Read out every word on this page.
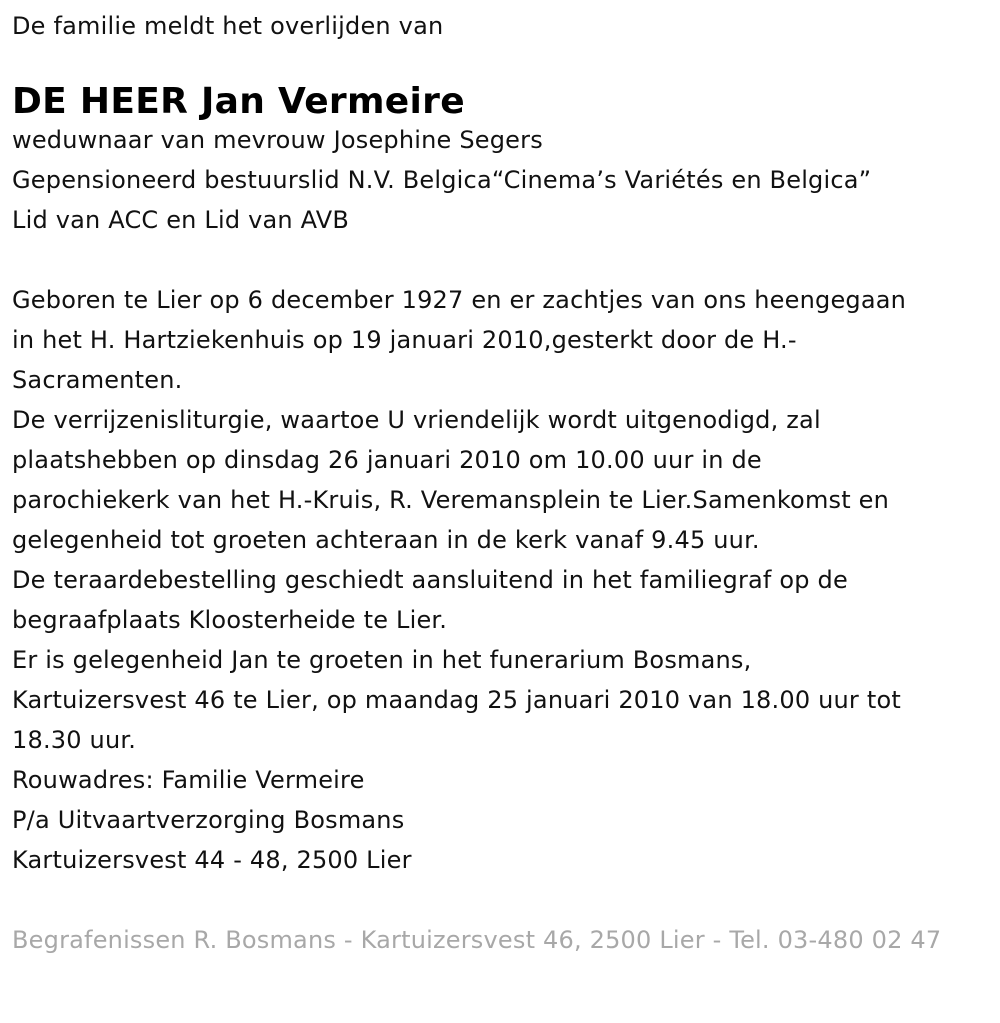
De familie meldt het overlijden van

DE HEER Jan Vermeire

weduwnaar van mevrouw Josephine Segers

Gepensioneerd bestuurslid N.V. Belgica“Cinema’s Variétés en Belgica”

Lid van ACC en Lid van AVB

Geboren te Lier op 6 december 1927 en er zachtjes van ons heengegaan

in het H. Hartziekenhuis op 19 januari 2010,gesterkt door de H.-

Sacramenten.

De verrijzenisliturgie, waartoe U vriendelijk wordt uitgenodigd, zal

plaatshebben op dinsdag 26 januari 2010 om 10.00 uur in de

parochiekerk van het H.-Kruis, R. Veremansplein te Lier.Samenkomst en

gelegenheid tot groeten achteraan in de kerk vanaf 9.45 uur.

De teraardebestelling geschiedt aansluitend in het familiegraf op de

begraafplaats Kloosterheide te Lier.

Er is gelegenheid Jan te groeten in het funerarium Bosmans,

Kartuizersvest 46 te Lier, op maandag 25 januari 2010 van 18.00 uur tot

18.30 uur.

Rouwadres: Familie Vermeire

P/a Uitvaartverzorging Bosmans

Kartuizersvest 44 - 48, 2500 Lier

Begrafenissen R. Bosmans - Kartuizersvest 46, 2500 Lier - Tel. 03-480 02 47
